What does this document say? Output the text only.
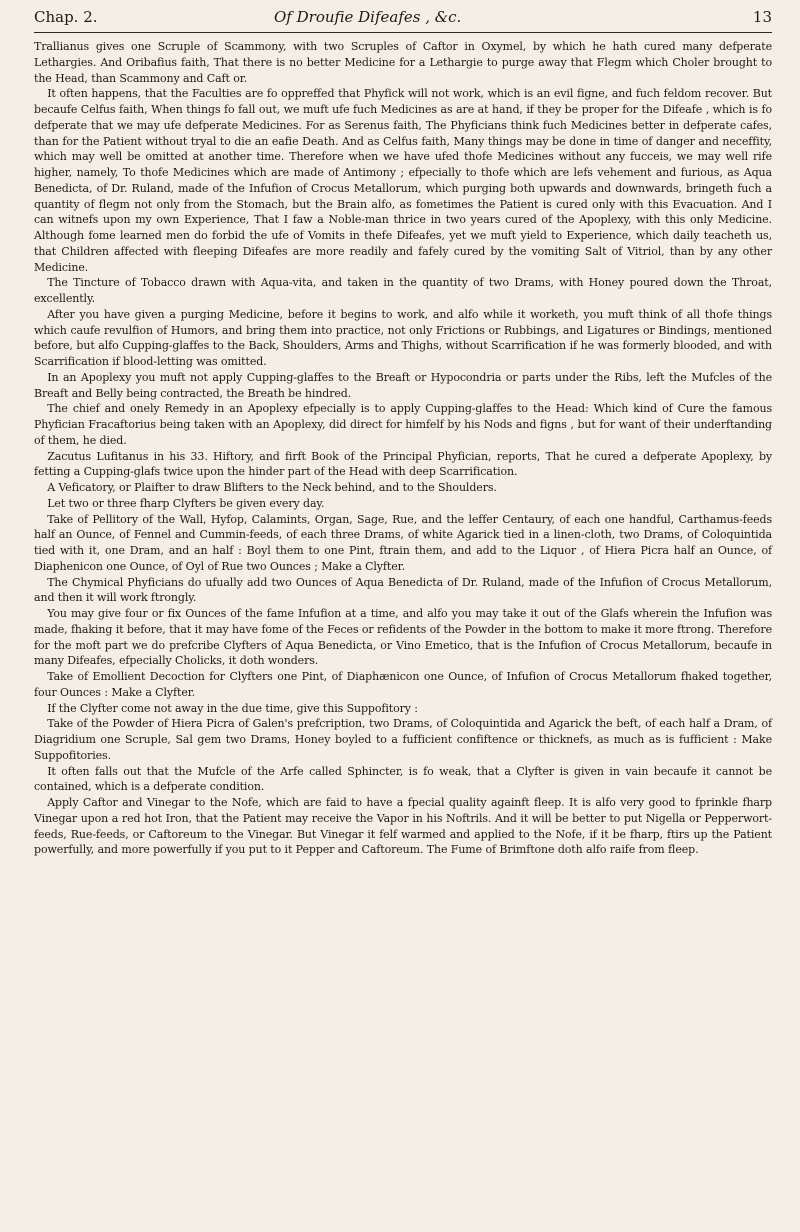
Chap. 2.	Of Droufie Difeafes , &c.	13

Trallianus gives one Scruple of Scammony, with two Scruples of Caftor in Oxymel, by which he hath cured many defperate Lethargies. And Oribafius faith, That there is no better Medicine for a Lethargie to purge away that Flegm which Choler brought to the Head, than Scammony and Caft or.

It often happens, that the Faculties are fo oppreffed that Phyfick will not work, which is an evil figne, and fuch feldom recover. But becaufe Celfus faith, When things fo fall out, we muft ufe fuch Medicines as are at hand, if they be proper for the Difeafe , which is fo defperate that we may ufe defperate Medicines. For as Serenus faith, The Phyficians think fuch Medicines better in defperate cafes, than for the Patient without tryal to die an eafie Death. And as Celfus faith, Many things may be done in time of danger and neceffity, which may well be omitted at another time. Therefore when we have ufed thofe Medicines without any fucceis, we may well rife higher, namely, To thofe Medicines which are made of Antimony ; efpecially to thofe which are lefs vehement and furious, as Aqua Benedicta, of Dr. Ruland, made of the Infufion of Crocus Metallorum, which purging both upwards and downwards, bringeth fuch a quantity of flegm not only from the Stomach, but the Brain alfo, as fometimes the Patient is cured only with this Evacuation. And I can witnefs upon my own Experience, That I faw a Noble-man thrice in two years cured of the Apoplexy, with this only Medicine. Although fome learned men do forbid the ufe of Vomits in thefe Difeafes, yet we muft yield to Experience, which daily teacheth us, that Children affected with fleeping Difeafes are more readily and fafely cured by the vomiting Salt of Vitriol, than by any other Medicine.

The Tincture of Tobacco drawn with Aqua-vita, and taken in the quantity of two Drams, with Honey poured down the Throat, excellently.

After you have given a purging Medicine, before it begins to work, and alfo while it worketh, you muft think of all thofe things which caufe revulfion of Humors, and bring them into practice, not only Frictions or Rubbings, and Ligatures or Bindings, mentioned before, but alfo Cupping-glaffes to the Back, Shoulders, Arms and Thighs, without Scarrification if he was formerly blooded, and with Scarrification if blood-letting was omitted.

In an Apoplexy you muft not apply Cupping-glaffes to the Breaft or Hypocondria or parts under the Ribs, left the Mufcles of the Breaft and Belly being contracted, the Breath be hindred.

The chief and onely Remedy in an Apoplexy efpecially is to apply Cupping-glaffes to the Head: Which kind of Cure the famous Phyfician Fracaftorius being taken with an Apoplexy, did direct for himfelf by his Nods and figns , but for want of their underftanding of them, he died.

Zacutus Lufitanus in his 33. Hiftory, and firft Book of the Principal Phyfician, reports, That he cured a defperate Apoplexy, by fetting a Cupping-glafs twice upon the hinder part of the Head with deep Scarrification.

A Veficatory, or Plaifter to draw Blifters to the Neck behind, and to the Shoulders.

Let two or three fharp Clyfters be given every day.

Take of Pellitory of the Wall, Hyfop, Calamints, Organ, Sage, Rue, and the leffer Centaury, of each one handful, Carthamus-feeds half an Ounce, of Fennel and Cummin-feeds, of each three Drams, of white Agarick tied in a linen-cloth, two Drams, of Coloquintida tied with it, one Dram, and an half : Boyl them to one Pint, ftrain them, and add to the Liquor , of Hiera Picra half an Ounce, of Diaphenicon one Ounce, of Oyl of Rue two Ounces ; Make a Clyfter.

The Chymical Phyficians do ufually add two Ounces of Aqua Benedicta of Dr. Ruland, made of the Infufion of Crocus Metallorum, and then it will work ftrongly.

You may give four or fix Ounces of the fame Infufion at a time, and alfo you may take it out of the Glafs wherein the Infufion was made, fhaking it before, that it may have fome of the Feces or refidents of the Powder in the bottom to make it more ftrong. Therefore for the moft part we do prefcribe Clyfters of Aqua Benedicta, or Vino Emetico, that is the Infufion of Crocus Metallorum, becaufe in many Difeafes, efpecially Cholicks, it doth wonders.

Take of Emollient Decoction for Clyfters one Pint, of Diaphænicon one Ounce, of Infufion of Crocus Metallorum fhaked together, four Ounces : Make a Clyfter.

If the Clyfter come not away in the due time, give this Suppofitory :

Take of the Powder of Hiera Picra of Galen's prefcription, two Drams, of Coloquintida and Agarick the beft, of each half a Dram, of Diagridium one Scruple, Sal gem two Drams, Honey boyled to a fufficient confiftence or thicknefs, as much as is fufficient : Make Suppofitories.

It often falls out that the Mufcle of the Arfe called Sphincter, is fo weak, that a Clyfter is given in vain becaufe it cannot be contained, which is a defperate condition.

Apply Caftor and Vinegar to the Nofe, which are faid to have a fpecial quality againft fleep. It is alfo very good to fprinkle fharp Vinegar upon a red hot Iron, that the Patient may receive the Vapor in his Noftrils. And it will be better to put Nigella or Pepperwort-feeds, Rue-feeds, or Caftoreum to the Vinegar. But Vinegar it felf warmed and applied to the Nofe, if it be fharp, ftirs up the Patient powerfully, and more powerfully if you put to it Pepper and Caftoreum. The Fume of Brimftone doth alfo raife from fleep.
